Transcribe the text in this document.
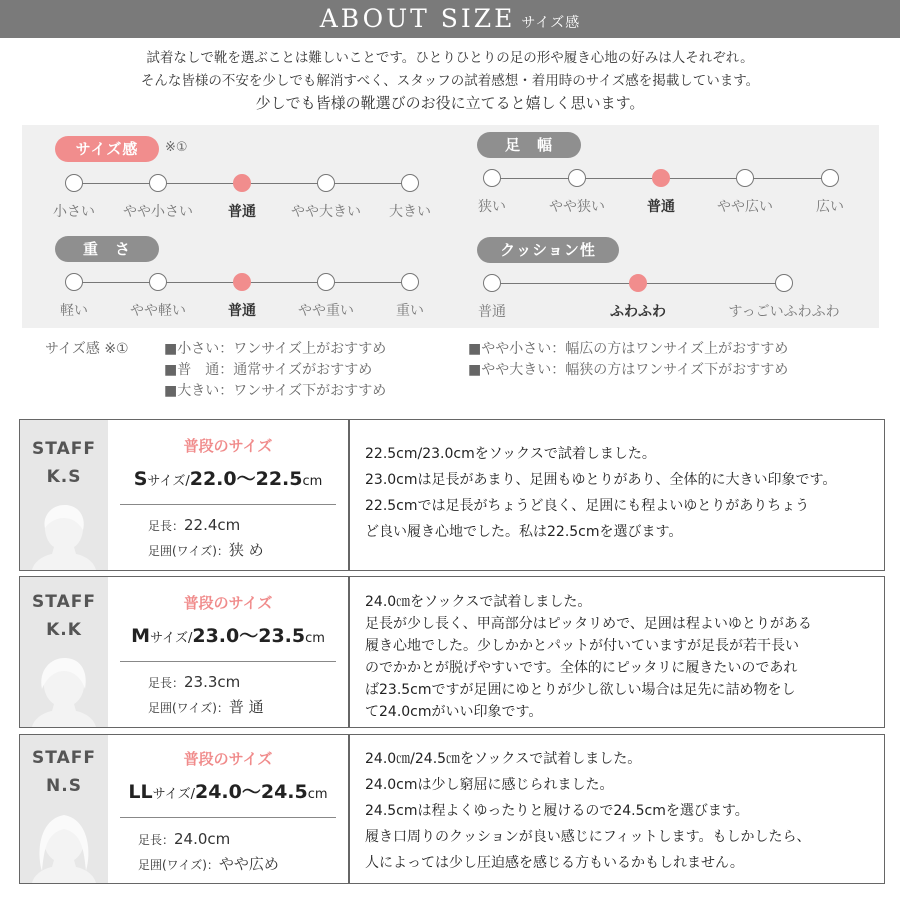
ABOUT SIZE サイズ感
試着なしで靴を選ぶことは難しいことです。ひとりひとりの足の形や履き心地の好みは人それぞれ。
そんな皆様の不安を少しでも解消すべく、スタッフの試着感想・着用時のサイズ感を掲載しています。
少しでも皆様の靴選びのお役に立てると嬉しく思います。
サイズ感	※①
小さい	やや小さい	普通	やや大きい	大きい
足　幅
狭い	やや狭い	普通	やや広い	広い
重　さ
軽い	やや軽い	普通	やや重い	重い
クッション性
普通	ふわふわ	すっごいふわふわ
サイズ感 ※①	■小さい：ワンサイズ上がおすすめ
■普　通：通常サイズがおすすめ
■大きい：ワンサイズ下がおすすめ
■やや小さい：幅広の方はワンサイズ上がおすすめ
■やや大きい：幅狭の方はワンサイズ下がおすすめ
STAFF
K.S
普段のサイズ
Sサイズ/22.0〜22.5cm
足長：22.4cm
足囲(ワイズ)：狭 め
22.5cm/23.0cmをソックスで試着しました。
23.0cmは足長があまり、足囲もゆとりがあり、全体的に大きい印象です。
22.5cmでは足長がちょうど良く、足囲にも程よいゆとりがありちょう
ど良い履き心地でした。私は22.5cmを選びます。
STAFF
K.K
普段のサイズ
Mサイズ/23.0〜23.5cm
足長：23.3cm
足囲(ワイズ)：普 通
24.0㎝をソックスで試着しました。
足長が少し長く、甲高部分はピッタリめで、足囲は程よいゆとりがある
履き心地でした。少しかかとパットが付いていますが足長が若干長い
のでかかとが脱げやすいです。全体的にピッタリに履きたいのであれ
ば23.5cmですが足囲にゆとりが少し欲しい場合は足先に詰め物をし
て24.0cmがいい印象です。
STAFF
N.S
普段のサイズ
LLサイズ/24.0〜24.5cm
足長：24.0cm
足囲(ワイズ)：やや広め
24.0㎝/24.5㎝をソックスで試着しました。
24.0cmは少し窮屈に感じられました。
24.5cmは程よくゆったりと履けるので24.5cmを選びます。
履き口周りのクッションが良い感じにフィットします。もしかしたら、
人によっては少し圧迫感を感じる方もいるかもしれません。
